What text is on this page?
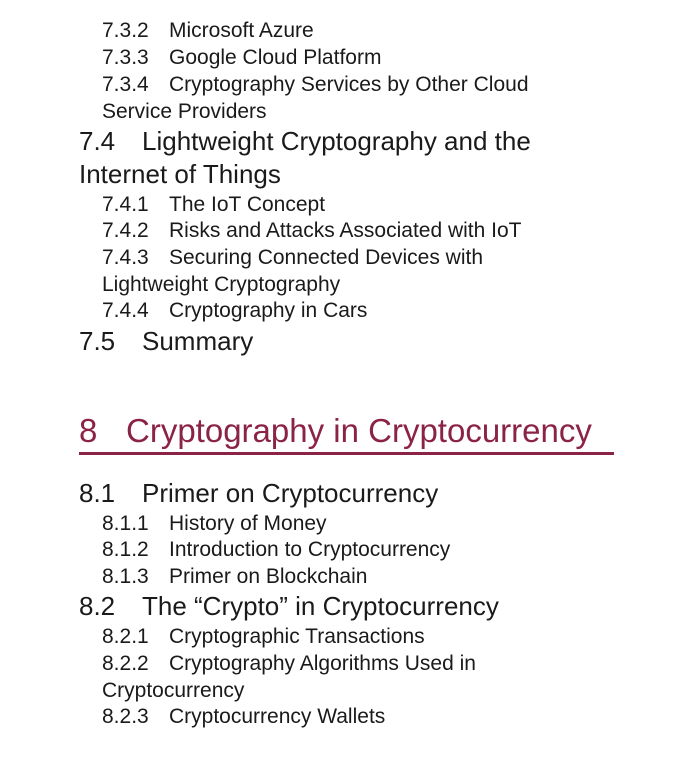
7.3.2 Microsoft Azure
7.3.3 Google Cloud Platform
7.3.4 Cryptography Services by Other Cloud
Service Providers
7.4 Lightweight Cryptography and the
Internet of Things
7.4.1 The IoT Concept
7.4.2 Risks and Attacks Associated with IoT
7.4.3 Securing Connected Devices with
Lightweight Cryptography
7.4.4 Cryptography in Cars
7.5 Summary
8 Cryptography in Cryptocurrency
8.1 Primer on Cryptocurrency
8.1.1 History of Money
8.1.2 Introduction to Cryptocurrency
8.1.3 Primer on Blockchain
8.2 The “Crypto” in Cryptocurrency
8.2.1 Cryptographic Transactions
8.2.2 Cryptography Algorithms Used in
Cryptocurrency
8.2.3 Cryptocurrency Wallets
